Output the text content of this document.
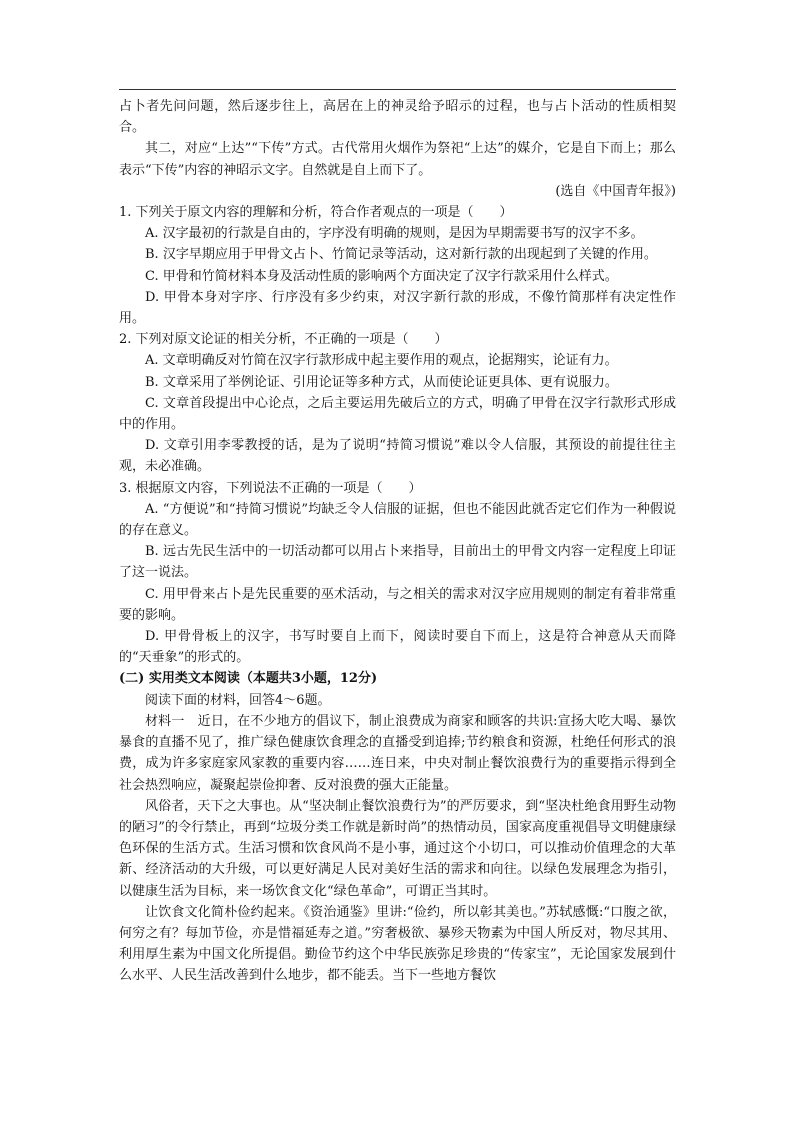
占卜者先问问题，然后逐步往上，高居在上的神灵给予昭示的过程，也与占卜活动的性质相契合。

其二，对应“上达”“下传”方式。古代常用火烟作为祭祀“上达”的媒介，它是自下而上；那么表示“下传”内容的神昭示文字。自然就是自上而下了。

(选自《中国青年报》)

1. 下列关于原文内容的理解和分析，符合作者观点的一项是（　　）

A. 汉字最初的行款是自由的，字序没有明确的规则，是因为早期需要书写的汉字不多。

B. 汉字早期应用于甲骨文占卜、竹简记录等活动，这对新行款的出现起到了关键的作用。

C. 甲骨和竹简材料本身及活动性质的影响两个方面决定了汉字行款采用什么样式。

D. 甲骨本身对字序、行序没有多少约束，对汉字新行款的形成，不像竹简那样有决定性作用。

2. 下列对原文论证的相关分析，不正确的一项是（　　）

A. 文章明确反对竹简在汉字行款形成中起主要作用的观点，论据翔实，论证有力。

B. 文章采用了举例论证、引用论证等多种方式，从而使论证更具体、更有说服力。

C. 文章首段提出中心论点，之后主要运用先破后立的方式，明确了甲骨在汉字行款形式形成中的作用。

D. 文章引用李零教授的话，是为了说明“持简习惯说”难以令人信服，其预设的前提往往主观，未必准确。

3. 根据原文内容，下列说法不正确的一项是（　　）

A. “方便说”和“持简习惯说”均缺乏令人信服的证据，但也不能因此就否定它们作为一种假说的存在意义。

B. 远古先民生活中的一切活动都可以用占卜来指导，目前出土的甲骨文内容一定程度上印证了这一说法。

C. 用甲骨来占卜是先民重要的巫术活动，与之相关的需求对汉字应用规则的制定有着非常重要的影响。

D. 甲骨骨板上的汉字，书写时要自上而下，阅读时要自下而上，这是符合神意从天而降的“天垂象”的形式的。

(二) 实用类文本阅读（本题共3小题，12分)

阅读下面的材料，回答4～6题。

材料一　近日，在不少地方的倡议下，制止浪费成为商家和顾客的共识:宣扬大吃大喝、暴饮暴食的直播不见了，推广绿色健康饮食理念的直播受到追捧;节约粮食和资源，杜绝任何形式的浪费，成为许多家庭家风家教的重要内容……连日来，中央对制止餐饮浪费行为的重要指示得到全社会热烈响应，凝聚起崇俭抑奢、反对浪费的强大正能量。

风俗者，天下之大事也。从“坚决制止餐饮浪费行为”的严厉要求，到“坚决杜绝食用野生动物的陋习”的令行禁止，再到“垃圾分类工作就是新时尚”的热情动员，国家高度重视倡导文明健康绿色环保的生活方式。生活习惯和饮食风尚不是小事，通过这个小切口，可以推动价值理念的大革新、经济活动的大升级，可以更好满足人民对美好生活的需求和向往。以绿色发展理念为指引，以健康生活为目标，来一场饮食文化“绿色革命”，可谓正当其时。

让饮食文化简朴俭约起来。《资治通鉴》里讲:“俭约，所以彰其美也。”苏轼感慨:“口腹之欲，何穷之有？每加节俭，亦是惜福延寿之道。”穷奢极欲、暴殄天物素为中国人所反对，物尽其用、利用厚生素为中国文化所提倡。勤俭节约这个中华民族弥足珍贵的“传家宝”，无论国家发展到什么水平、人民生活改善到什么地步，都不能丢。当下一些地方餐饮
